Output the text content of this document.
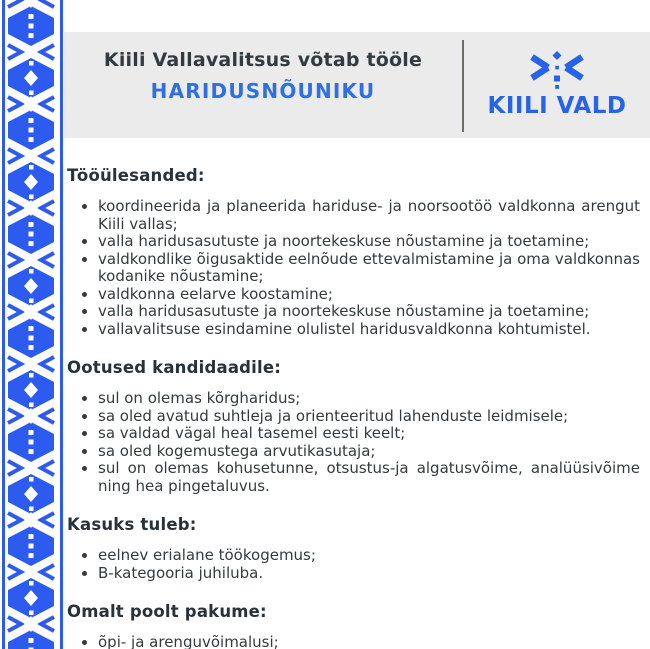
Kiili Vallavalitsus võtab tööle
HARIDUSNÕUNIKU
KIILI VALD
Tööülesanded:
• koordineerida ja planeerida hariduse- ja noorsootöö valdkonna arengut Kiili vallas;
• valla haridusasutuste ja noortekeskuse nõustamine ja toetamine;
• valdkondlike õigusaktide eelnõude ettevalmistamine ja oma valdkonnas kodanike nõustamine;
• valdkonna eelarve koostamine;
• valla haridusasutuste ja noortekeskuse nõustamine ja toetamine;
• vallavalitsuse esindamine olulistel haridusvaldkonna kohtumistel.
Ootused kandidaadile:
• sul on olemas kõrgharidus;
• sa oled avatud suhtleja ja orienteeritud lahenduste leidmisele;
• sa valdad vägal heal tasemel eesti keelt;
• sa oled kogemustega arvutikasutaja;
• sul on olemas kohusetunne, otsustus-ja algatusvõime, analüüsivõime ning hea pingetaluvus.
Kasuks tuleb:
• eelnev erialane töökogemus;
• B-kategooria juhiluba.
Omalt poolt pakume:
• õpi- ja arenguvõimalusi;
